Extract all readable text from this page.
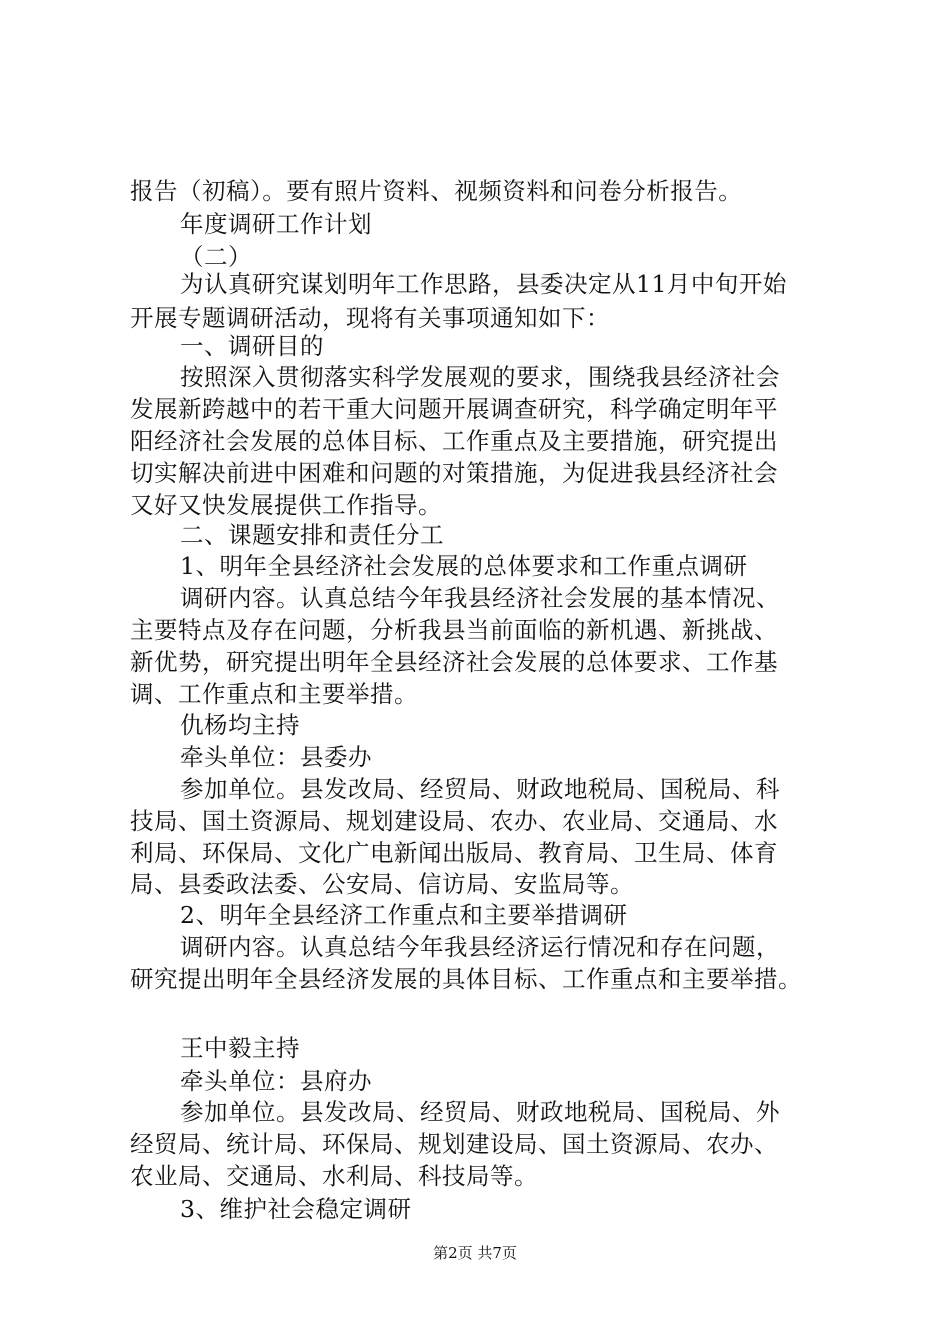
报告（初稿）。要有照片资料、视频资料和问卷分析报告。
年度调研工作计划
（二）
为认真研究谋划明年工作思路，县委决定从11月中旬开始
开展专题调研活动，现将有关事项通知如下：
一、调研目的
按照深入贯彻落实科学发展观的要求，围绕我县经济社会
发展新跨越中的若干重大问题开展调查研究，科学确定明年平
阳经济社会发展的总体目标、工作重点及主要措施，研究提出
切实解决前进中困难和问题的对策措施，为促进我县经济社会
又好又快发展提供工作指导。
二、课题安排和责任分工
1、明年全县经济社会发展的总体要求和工作重点调研
调研内容。认真总结今年我县经济社会发展的基本情况、
主要特点及存在问题，分析我县当前面临的新机遇、新挑战、
新优势，研究提出明年全县经济社会发展的总体要求、工作基
调、工作重点和主要举措。
仇杨均主持
牵头单位：县委办
参加单位。县发改局、经贸局、财政地税局、国税局、科
技局、国土资源局、规划建设局、农办、农业局、交通局、水
利局、环保局、文化广电新闻出版局、教育局、卫生局、体育
局、县委政法委、公安局、信访局、安监局等。
2、明年全县经济工作重点和主要举措调研
调研内容。认真总结今年我县经济运行情况和存在问题，
研究提出明年全县经济发展的具体目标、工作重点和主要举措。
王中毅主持
牵头单位：县府办
参加单位。县发改局、经贸局、财政地税局、国税局、外
经贸局、统计局、环保局、规划建设局、国土资源局、农办、
农业局、交通局、水利局、科技局等。
3、维护社会稳定调研
第2页 共7页
